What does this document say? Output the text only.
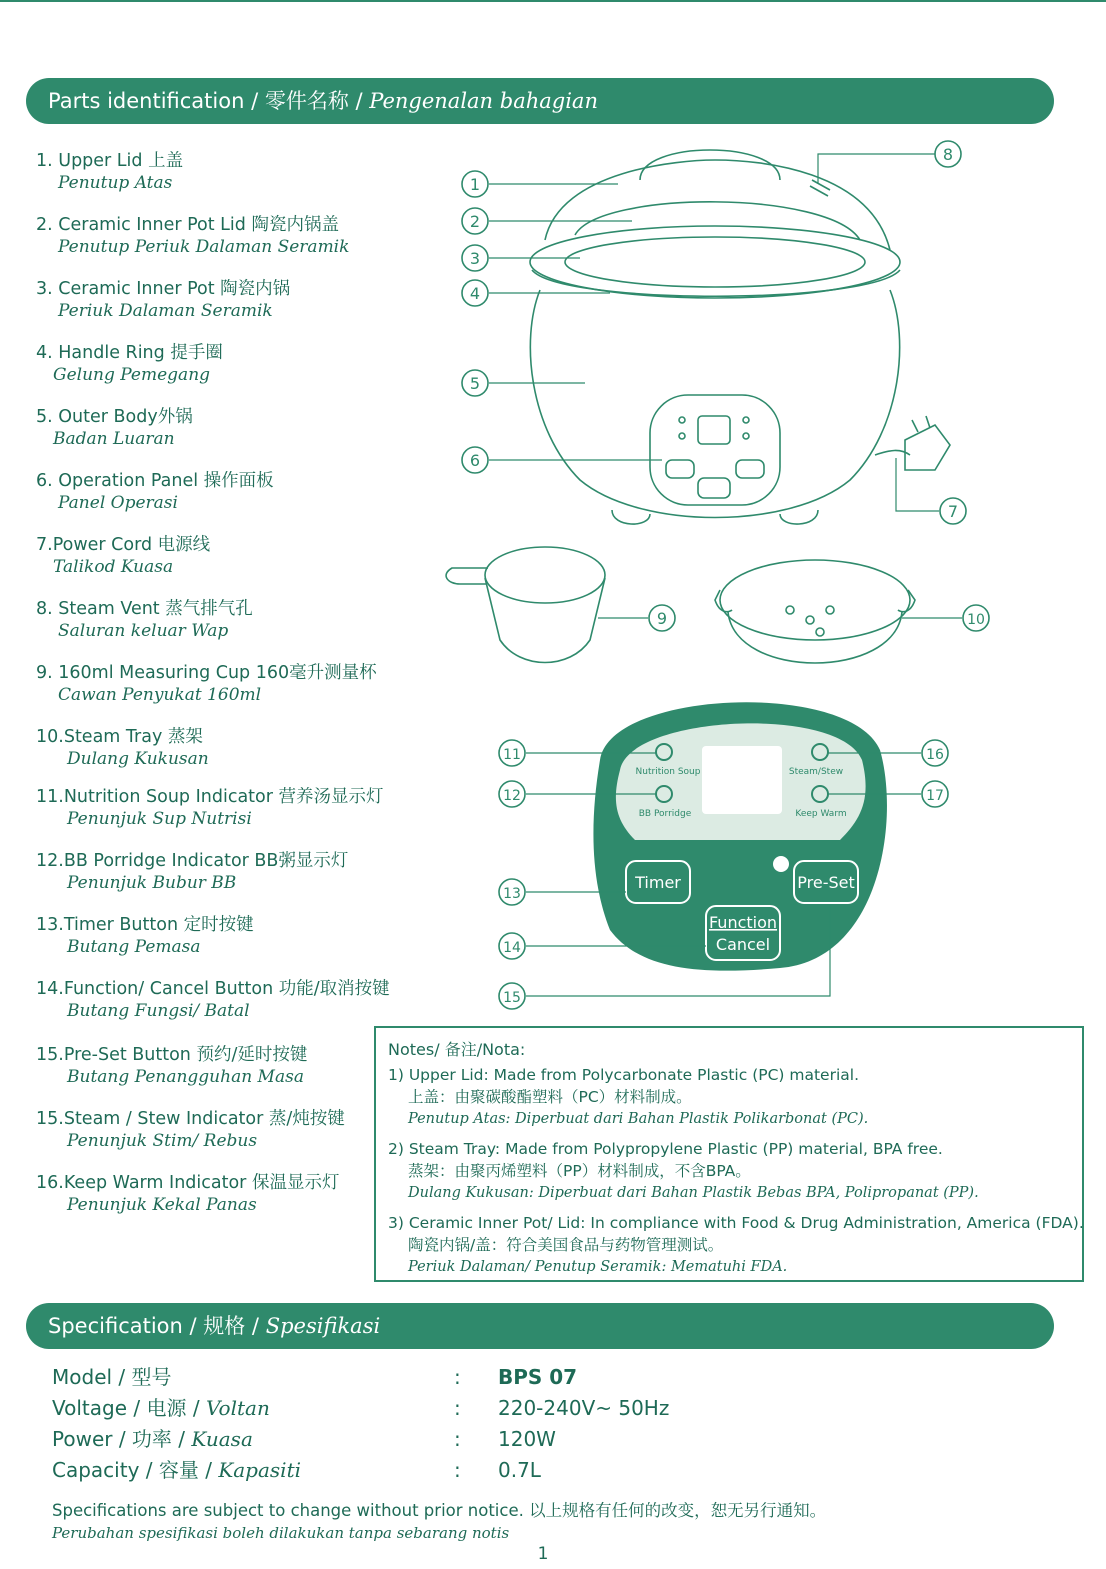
Parts identification / 零件名称 / Pengenalan bahagian
1. Upper Lid 上盖
Penutup Atas
2. Ceramic Inner Pot Lid 陶瓷内锅盖
Penutup Periuk Dalaman Seramik
3. Ceramic Inner Pot 陶瓷内锅
Periuk Dalaman Seramik
4. Handle Ring 提手圈
Gelung Pemegang
5. Outer Body外锅
Badan Luaran
6. Operation Panel 操作面板
Panel Operasi
7.Power Cord 电源线
Talikod Kuasa
8. Steam Vent 蒸气排气孔
Saluran keluar Wap
9. 160ml Measuring Cup 160毫升测量杯
Cawan Penyukat 160ml
10.Steam Tray 蒸架
Dulang Kukusan
11.Nutrition Soup Indicator 营养汤显示灯
Penunjuk Sup Nutrisi
12.BB Porridge Indicator BB粥显示灯
Penunjuk Bubur BB
13.Timer Button 定时按键
Butang Pemasa
14.Function/ Cancel Button 功能/取消按键
Butang Fungsi/ Batal
15.Pre-Set Button 预约/延时按键
Butang Penangguhan Masa
15.Steam / Stew Indicator 蒸/炖按键
Penunjuk Stim/ Rebus
16.Keep Warm Indicator 保温显示灯
Penunjuk Kekal Panas
Nutrition Soup
BB Porridge
Steam/Stew
Keep Warm
Timer	Pre-Set
Function
Cancel
1
2
3
4
5
6
7
8
9	10
11
12
13
14
15
16
17
Notes/ 备注/Nota:
1) Upper Lid: Made from Polycarbonate Plastic (PC) material.
上盖：由聚碳酸酯塑料（PC）材料制成。
Penutup Atas: Diperbuat dari Bahan Plastik Polikarbonat (PC).
2) Steam Tray: Made from Polypropylene Plastic (PP) material, BPA free.
蒸架：由聚丙烯塑料（PP）材料制成，不含BPA。
Dulang Kukusan: Diperbuat dari Bahan Plastik Bebas BPA, Polipropanat (PP).
3) Ceramic Inner Pot/ Lid: In compliance with Food & Drug Administration, America (FDA).
陶瓷内锅/盖：符合美国食品与药物管理测试。
Periuk Dalaman/ Penutup Seramik: Mematuhi FDA.
Specification / 规格 / Spesifikasi
Model / 型号	: BPS 07
Voltage / 电源 / Voltan	: 220-240V~ 50Hz
Power / 功率 / Kuasa	: 120W
Capacity / 容量 / Kapasiti	: 0.7L
Specifications are subject to change without prior notice. 以上规格有任何的改变，恕无另行通知。
Perubahan spesifikasi boleh dilakukan tanpa sebarang notis
1
